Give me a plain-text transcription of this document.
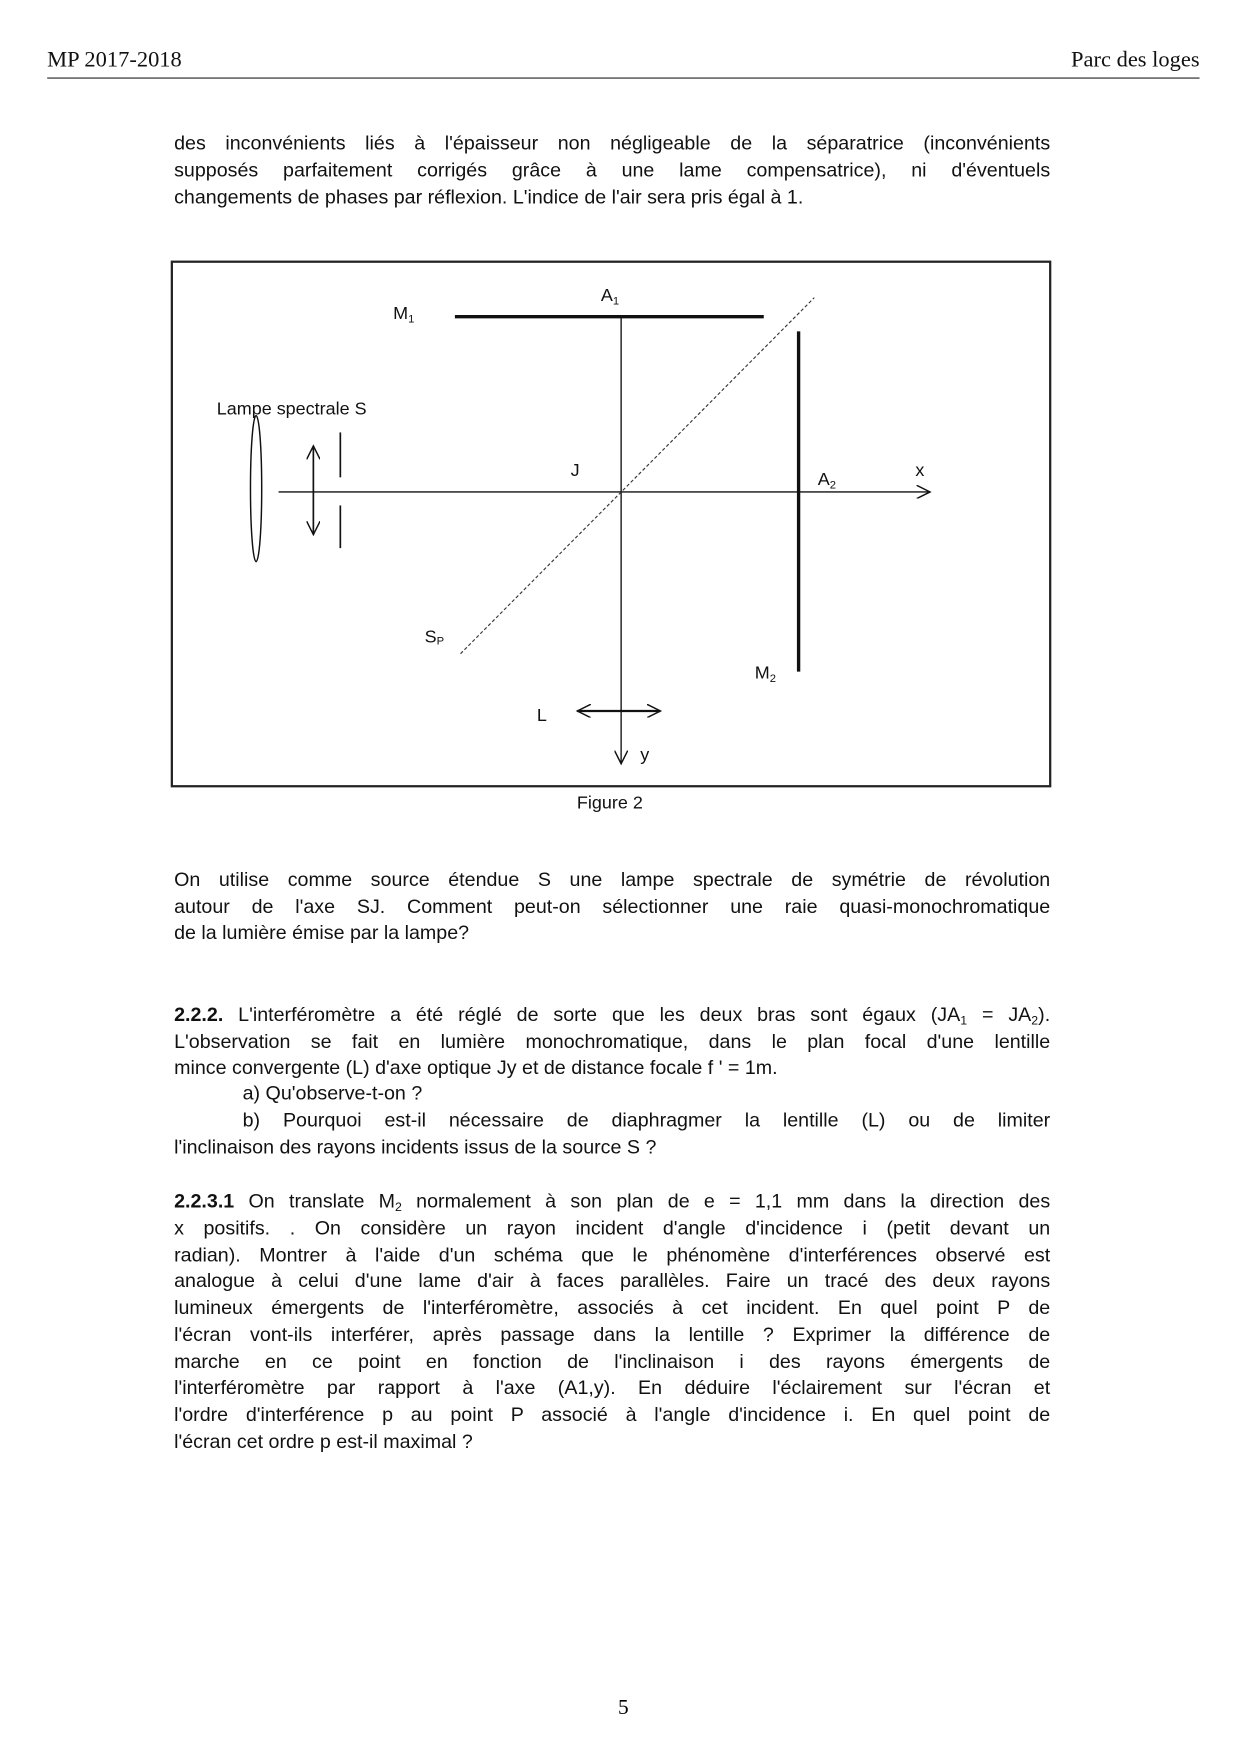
MP 2017-2018	Parc des loges
des inconvénients liés à l'épaisseur non négligeable de la séparatrice (inconvénients
supposés parfaitement corrigés grâce à une lame compensatrice), ni d'éventuels
changements de phases par réflexion. L'indice de l'air sera pris égal à 1.
M1
A1
A2
M2
J	x
y
L
SP
Lampe spectrale S
Figure 2
On utilise comme source étendue S une lampe spectrale de symétrie de révolution
autour de l'axe SJ. Comment peut-on sélectionner une raie quasi-monochromatique
de la lumière émise par la lampe?
2.2.2. L'interféromètre a été réglé de sorte que les deux bras sont égaux $(JA_1 = JA_2)$.
L'observation se fait en lumière monochromatique, dans le plan focal d'une lentille
mince convergente (L) d'axe optique Jy et de distance focale f ' = 1m.
a) Qu'observe-t-on ?
b) Pourquoi est-il nécessaire de diaphragmer la lentille (L) ou de limiter
l'inclinaison des rayons incidents issus de la source S ?
2.2.3.1 On translate $M_2$ normalement à son plan de e = 1,1 mm dans la direction des
x positifs. . On considère un rayon incident d'angle d'incidence i (petit devant un
radian). Montrer à l'aide d'un schéma que le phénomène d'interférences observé est
analogue à celui d'une lame d'air à faces parallèles. Faire un tracé des deux rayons
lumineux émergents de l'interféromètre, associés à cet incident. En quel point P de
l'écran vont-ils interférer, après passage dans la lentille ? Exprimer la différence de
marche en ce point en fonction de l'inclinaison i des rayons émergents de
l'interféromètre par rapport à l'axe (A1,y). En déduire l'éclairement sur l'écran et
l'ordre d'interférence p au point P associé à l'angle d'incidence i. En quel point de
l'écran cet ordre p est-il maximal ?
5
